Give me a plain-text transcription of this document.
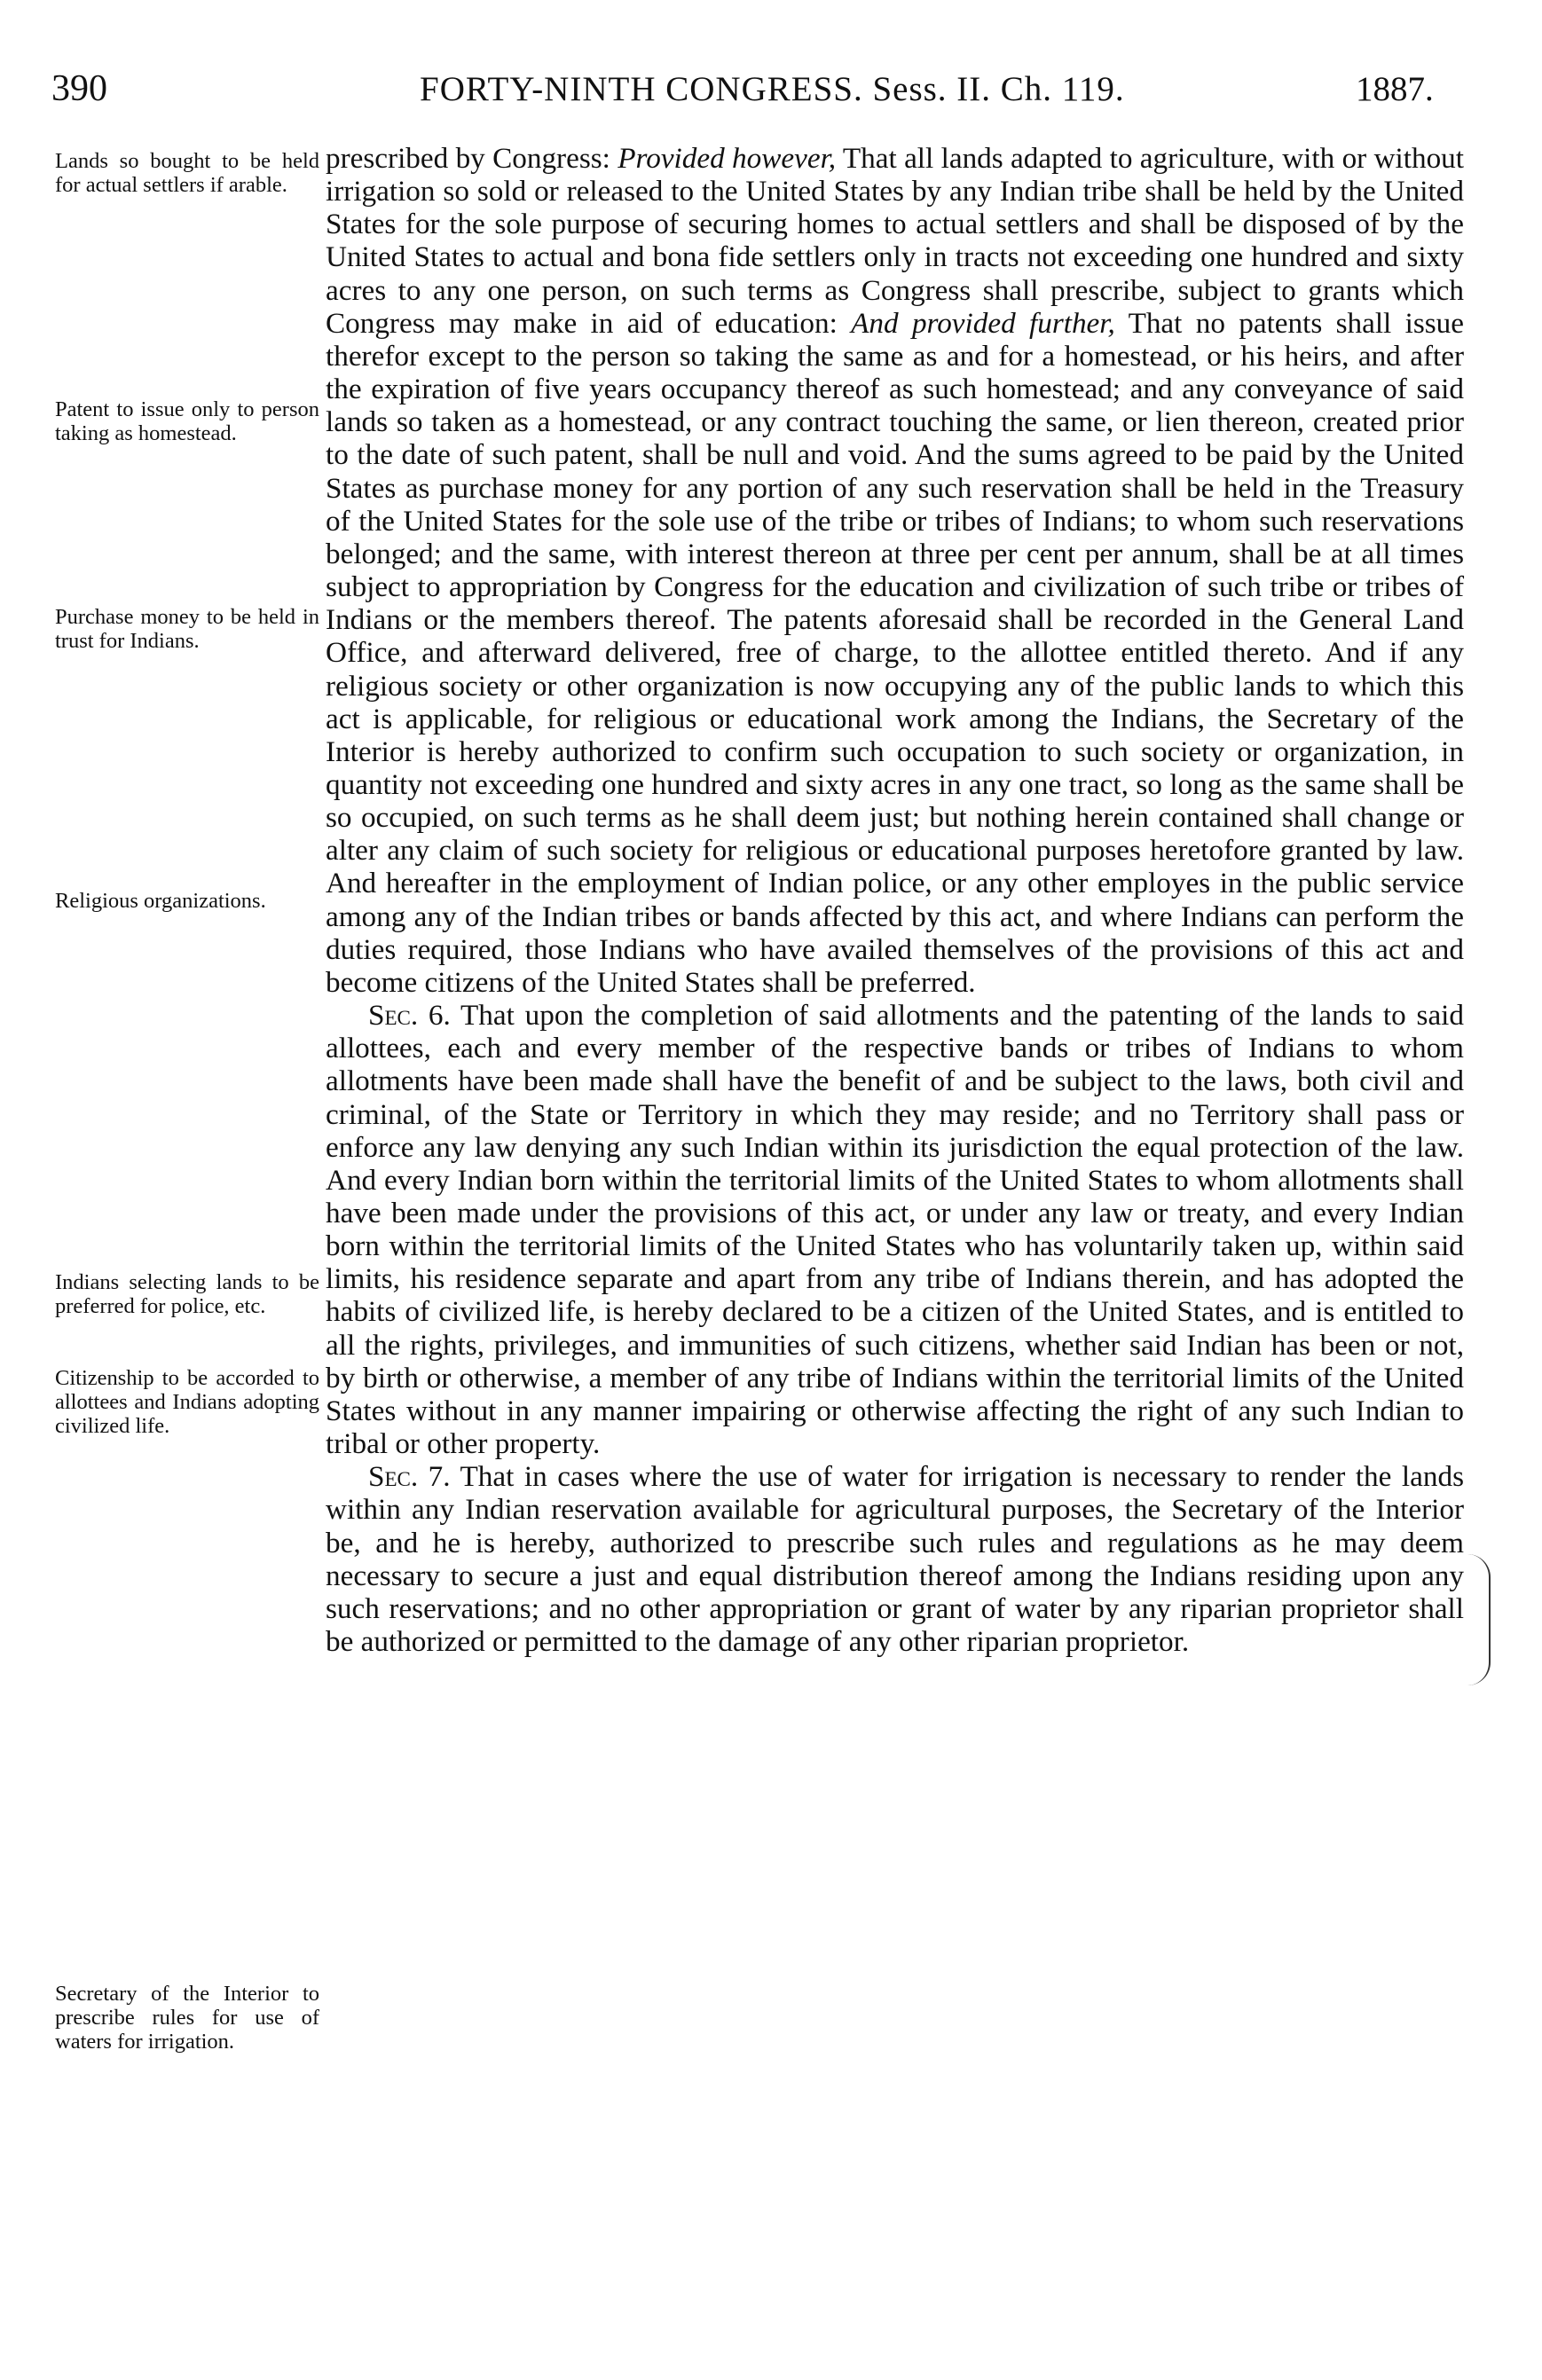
390	FORTY-NINTH CONGRESS. Sess. II. Ch. 119.	1887.
Lands so bought to be held for actual settlers if arable.
Patent to issue only to person taking as homestead.
Purchase money to be held in trust for Indians.
Religious organizations.
Indians selecting lands to be preferred for police, etc.
Citizenship to be accorded to allottees and Indians adopting civilized life.
Secretary of the Interior to prescribe rules for use of waters for irrigation.

prescribed by Congress: Provided however, That all lands adapted to agriculture, with or without irrigation so sold or released to the United States by any Indian tribe shall be held by the United States for the sole purpose of securing homes to actual settlers and shall be disposed of by the United States to actual and bona fide settlers only in tracts not exceeding one hundred and sixty acres to any one person, on such terms as Congress shall prescribe, subject to grants which Congress may make in aid of education: And provided further, That no patents shall issue therefor except to the person so taking the same as and for a homestead, or his heirs, and after the expiration of five years occupancy thereof as such homestead; and any conveyance of said lands so taken as a homestead, or any contract touching the same, or lien thereon, created prior to the date of such patent, shall be null and void. And the sums agreed to be paid by the United States as purchase money for any portion of any such reservation shall be held in the Treasury of the United States for the sole use of the tribe or tribes of Indians; to whom such reservations belonged; and the same, with interest thereon at three per cent per annum, shall be at all times subject to appropriation by Congress for the education and civilization of such tribe or tribes of Indians or the members thereof. The patents aforesaid shall be recorded in the General Land Office, and afterward delivered, free of charge, to the allottee entitled thereto. And if any religious society or other organization is now occupying any of the public lands to which this act is applicable, for religious or educational work among the Indians, the Secretary of the Interior is hereby authorized to confirm such occupation to such society or organization, in quantity not exceeding one hundred and sixty acres in any one tract, so long as the same shall be so occupied, on such terms as he shall deem just; but nothing herein contained shall change or alter any claim of such society for religious or educational purposes heretofore granted by law. And hereafter in the employment of Indian police, or any other employes in the public service among any of the Indian tribes or bands affected by this act, and where Indians can perform the duties required, those Indians who have availed themselves of the provisions of this act and become citizens of the United States shall be preferred.

Sec. 6. That upon the completion of said allotments and the patenting of the lands to said allottees, each and every member of the respective bands or tribes of Indians to whom allotments have been made shall have the benefit of and be subject to the laws, both civil and criminal, of the State or Territory in which they may reside; and no Territory shall pass or enforce any law denying any such Indian within its jurisdiction the equal protection of the law. And every Indian born within the territorial limits of the United States to whom allotments shall have been made under the provisions of this act, or under any law or treaty, and every Indian born within the territorial limits of the United States who has voluntarily taken up, within said limits, his residence separate and apart from any tribe of Indians therein, and has adopted the habits of civilized life, is hereby declared to be a citizen of the United States, and is entitled to all the rights, privileges, and immunities of such citizens, whether said Indian has been or not, by birth or otherwise, a member of any tribe of Indians within the territorial limits of the United States without in any manner impairing or otherwise affecting the right of any such Indian to tribal or other property.

Sec. 7. That in cases where the use of water for irrigation is necessary to render the lands within any Indian reservation available for agricultural purposes, the Secretary of the Interior be, and he is hereby, authorized to prescribe such rules and regulations as he may deem necessary to secure a just and equal distribution thereof among the Indians residing upon any such reservations; and no other appropriation or grant of water by any riparian proprietor shall be authorized or permitted to the damage of any other riparian proprietor.
